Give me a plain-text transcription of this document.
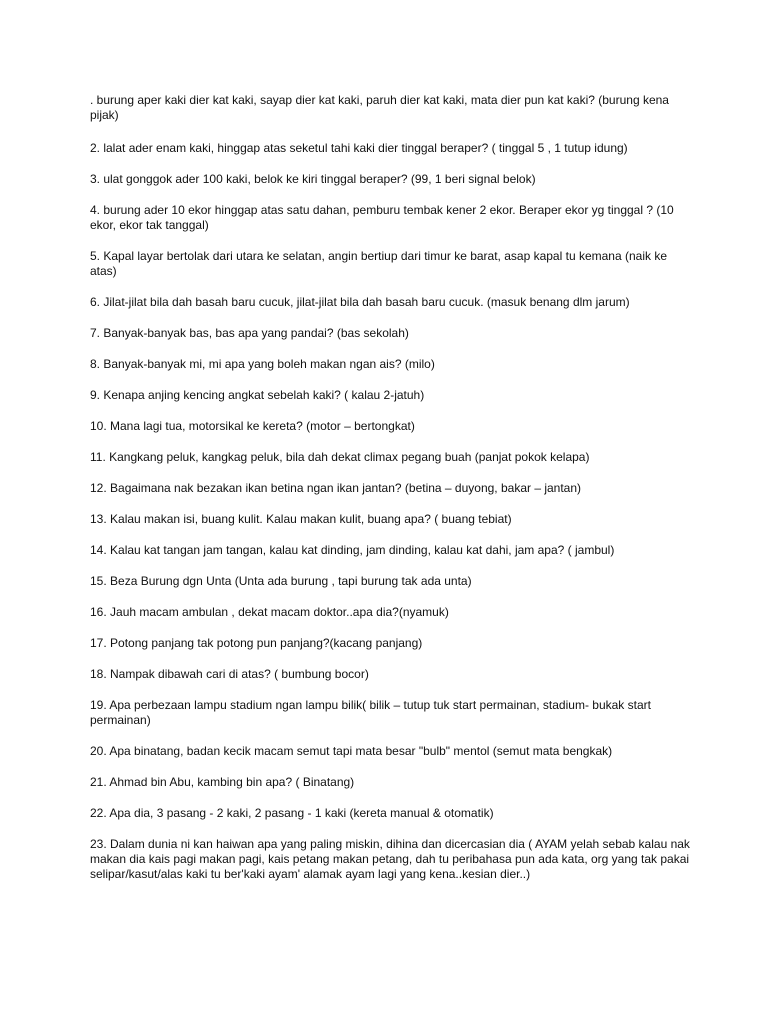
. burung aper kaki dier kat kaki, sayap dier kat kaki, paruh dier kat kaki, mata dier pun kat kaki? (burung kena pijak)

2. lalat ader enam kaki, hinggap atas seketul tahi kaki dier tinggal beraper? ( tinggal 5 , 1 tutup idung)

3. ulat gonggok ader 100 kaki, belok ke kiri tinggal beraper? (99, 1 beri signal belok)

4. burung ader 10 ekor hinggap atas satu dahan, pemburu tembak kener 2 ekor. Beraper ekor yg tinggal ? (10 ekor, ekor tak tanggal)

5. Kapal layar bertolak dari utara ke selatan, angin bertiup dari timur ke barat, asap kapal tu kemana (naik ke atas)

6. Jilat-jilat bila dah basah baru cucuk, jilat-jilat bila dah basah baru cucuk. (masuk benang dlm jarum)

7. Banyak-banyak bas, bas apa yang pandai? (bas sekolah)

8. Banyak-banyak mi, mi apa yang boleh makan ngan ais? (milo)

9. Kenapa anjing kencing angkat sebelah kaki? ( kalau 2-jatuh)

10. Mana lagi tua, motorsikal ke kereta? (motor – bertongkat)

11. Kangkang peluk, kangkag peluk, bila dah dekat climax pegang buah (panjat pokok kelapa)

12. Bagaimana nak bezakan ikan betina ngan ikan jantan? (betina – duyong, bakar – jantan)

13. Kalau makan isi, buang kulit. Kalau makan kulit, buang apa? ( buang tebiat)

14. Kalau kat tangan jam tangan, kalau kat dinding, jam dinding, kalau kat dahi, jam apa? ( jambul)

15. Beza Burung dgn Unta (Unta ada burung , tapi burung tak ada unta)

16. Jauh macam ambulan , dekat macam doktor..apa dia?(nyamuk)

17. Potong panjang tak potong pun panjang?(kacang panjang)

18. Nampak dibawah cari di atas? ( bumbung bocor)

19. Apa perbezaan lampu stadium ngan lampu bilik( bilik – tutup tuk start permainan, stadium- bukak start permainan)

20. Apa binatang, badan kecik macam semut tapi mata besar "bulb" mentol (semut mata bengkak)

21. Ahmad bin Abu, kambing bin apa? ( Binatang)

22. Apa dia, 3 pasang - 2 kaki, 2 pasang - 1 kaki (kereta manual & otomatik)

23. Dalam dunia ni kan haiwan apa yang paling miskin, dihina dan dicercasian dia ( AYAM yelah sebab kalau nak makan dia kais pagi makan pagi, kais petang makan petang, dah tu peribahasa pun ada kata, org yang tak pakai selipar/kasut/alas kaki tu ber'kaki ayam' alamak ayam lagi yang kena..kesian dier..)
